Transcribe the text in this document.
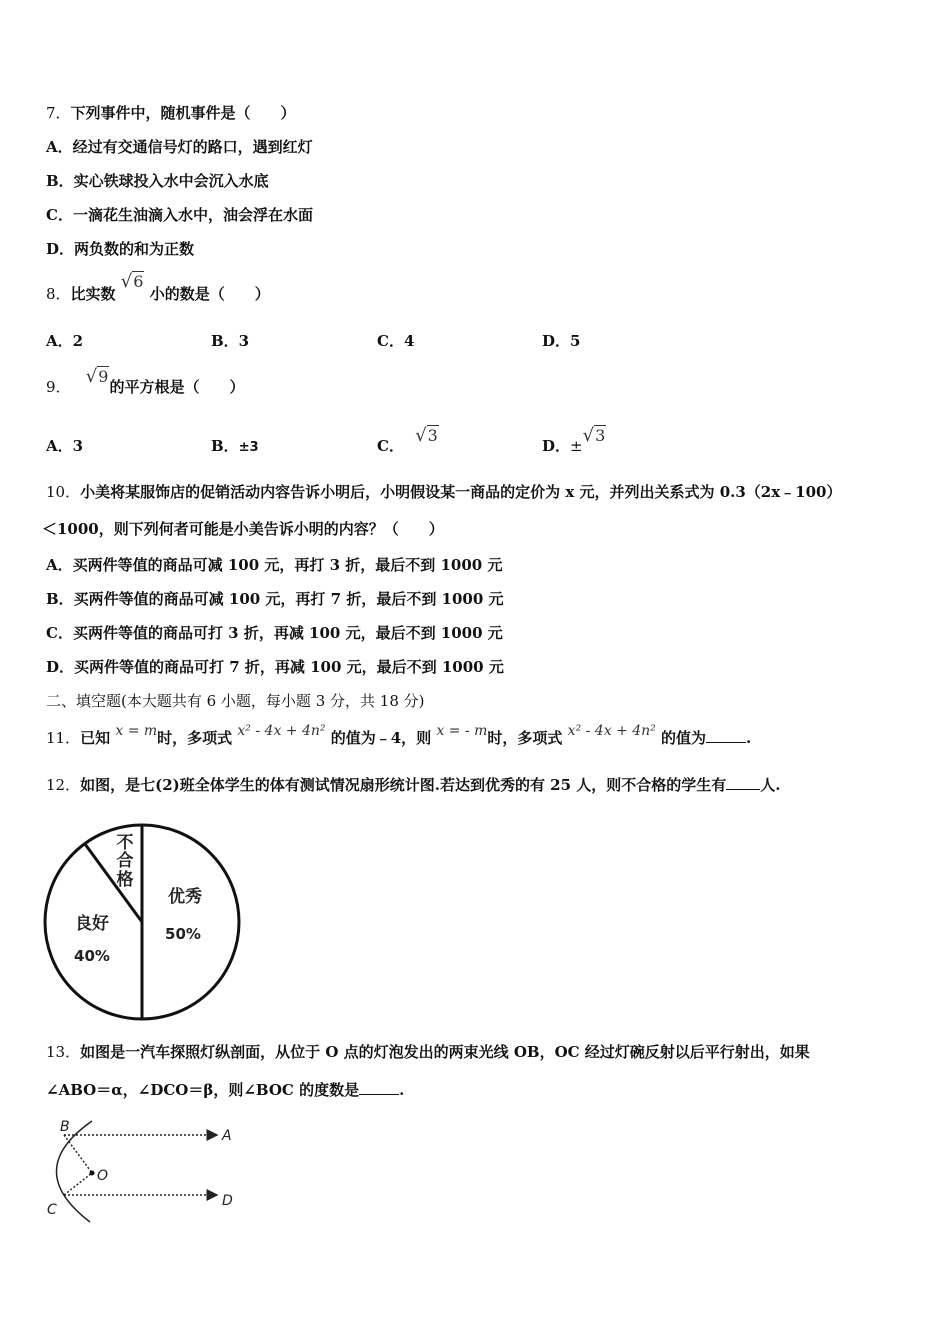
7．下列事件中，随机事件是（　　）
A．经过有交通信号灯的路口，遇到红灯
B．实心铁球投入水中会沉入水底
C．一滴花生油滴入水中，油会浮在水面
D．两负数的和为正数
8．比实数 √6 小的数是（　　）
A．2	B．3	C．4	D．5
9． √9的平方根是（　　）
A．3	B．±3	C． √3
D．±√3
10．小美将某服饰店的促销活动内容告诉小明后，小明假设某一商品的定价为 x 元，并列出关系式为 0.3（2x﹣100）
＜1000，则下列何者可能是小美告诉小明的内容？（　　）
A．买两件等值的商品可减 100 元，再打 3 折，最后不到 1000 元
B．买两件等值的商品可减 100 元，再打 7 折，最后不到 1000 元
C．买两件等值的商品可打 3 折，再减 100 元，最后不到 1000 元
D．买两件等值的商品可打 7 折，再减 100 元，最后不到 1000 元
二、填空题(本大题共有 6 小题，每小题 3 分，共 18 分)
11．已知 x = m时，多项式 x² - 4x + 4n² 的值为﹣4，则 x = - m时，多项式 x² - 4x + 4n² 的值为	.
12．如图，是七(2)班全体学生的体有测试情况扇形统计图.若达到优秀的有 25 人，则不合格的学生有 人.
优秀
50%
良好
40%
不
合
格
13．如图是一汽车探照灯纵剖面，从位于 O 点的灯泡发出的两束光线 OB，OC 经过灯碗反射以后平行射出，如果
∠ABO＝α，∠DCO＝β，则∠BOC 的度数是	.
B
A
O
C
D
